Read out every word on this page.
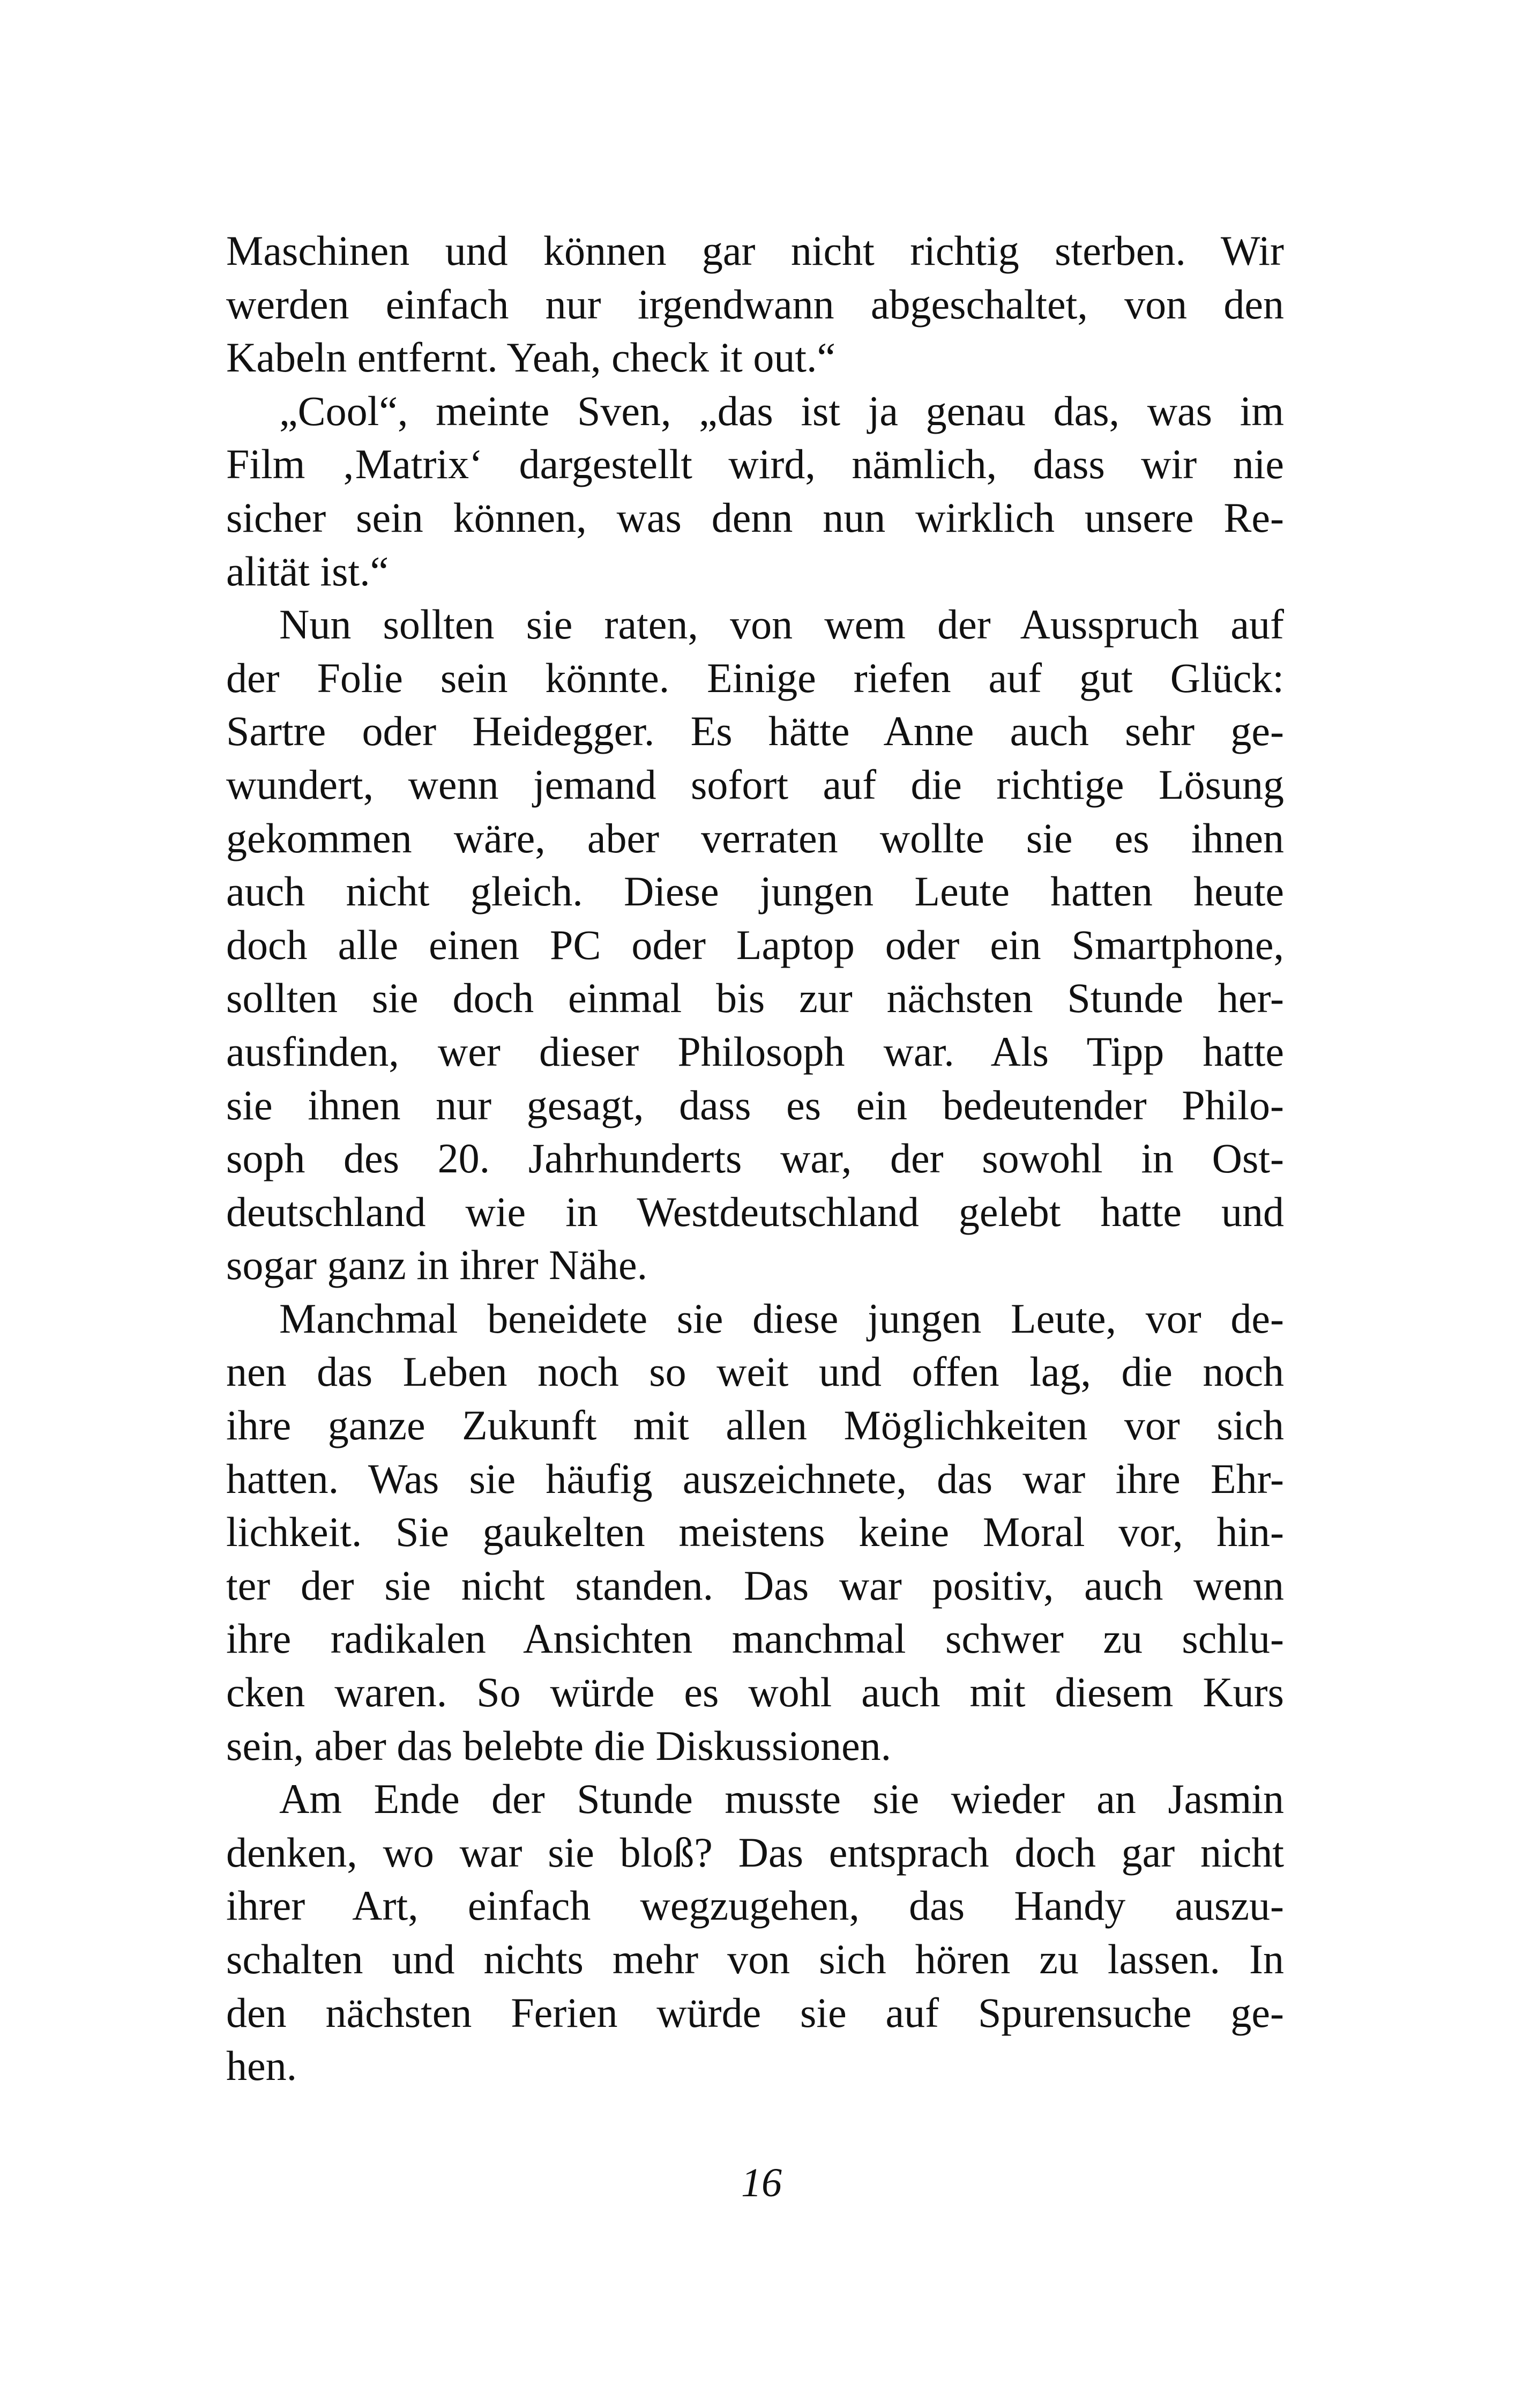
Maschinen und können gar nicht richtig sterben. Wir
werden einfach nur irgendwann abgeschaltet, von den
Kabeln entfernt. Yeah, check it out.“
„Cool“, meinte Sven, „das ist ja genau das, was im
Film ‚Matrix‘ dargestellt wird, nämlich, dass wir nie
sicher sein können, was denn nun wirklich unsere Re-
alität ist.“
Nun sollten sie raten, von wem der Ausspruch auf
der Folie sein könnte. Einige riefen auf gut Glück:
Sartre oder Heidegger. Es hätte Anne auch sehr ge-
wundert, wenn jemand sofort auf die richtige Lösung
gekommen wäre, aber verraten wollte sie es ihnen
auch nicht gleich. Diese jungen Leute hatten heute
doch alle einen PC oder Laptop oder ein Smartphone,
sollten sie doch einmal bis zur nächsten Stunde her-
ausfinden, wer dieser Philosoph war. Als Tipp hatte
sie ihnen nur gesagt, dass es ein bedeutender Philo-
soph des 20. Jahrhunderts war, der sowohl in Ost-
deutschland wie in Westdeutschland gelebt hatte und
sogar ganz in ihrer Nähe.
Manchmal beneidete sie diese jungen Leute, vor de-
nen das Leben noch so weit und offen lag, die noch
ihre ganze Zukunft mit allen Möglichkeiten vor sich
hatten. Was sie häufig auszeichnete, das war ihre Ehr-
lichkeit. Sie gaukelten meistens keine Moral vor, hin-
ter der sie nicht standen. Das war positiv, auch wenn
ihre radikalen Ansichten manchmal schwer zu schlu-
cken waren. So würde es wohl auch mit diesem Kurs
sein, aber das belebte die Diskussionen.
Am Ende der Stunde musste sie wieder an Jasmin
denken, wo war sie bloß? Das entsprach doch gar nicht
ihrer Art, einfach wegzugehen, das Handy auszu-
schalten und nichts mehr von sich hören zu lassen. In
den nächsten Ferien würde sie auf Spurensuche ge-
hen.
16
